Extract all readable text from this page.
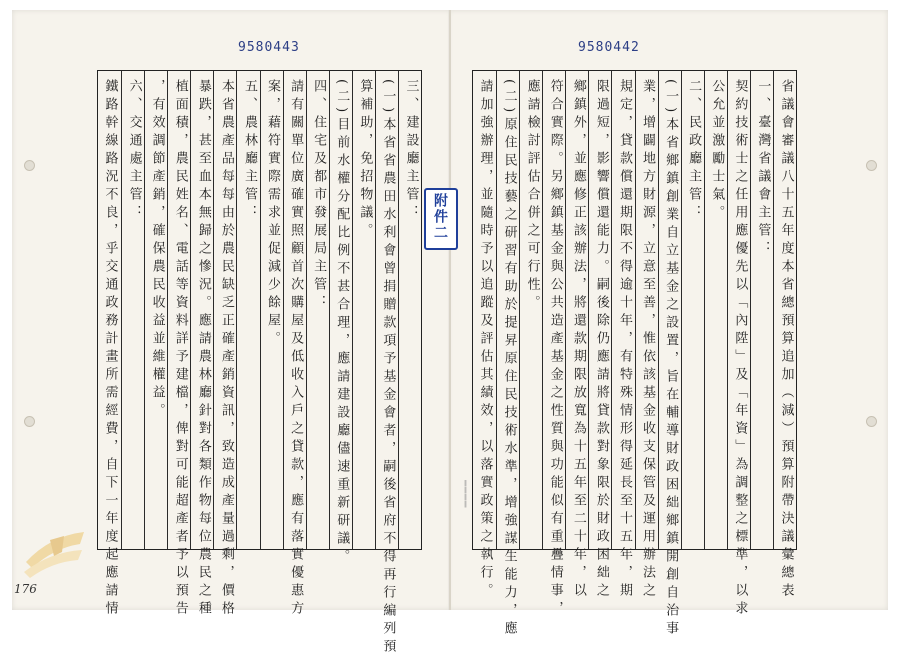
9580443	9580442
三、建設廳主管：
(一)本省省農田水利會曾捐贈款項予基金會者，嗣後省府不得再行編列預
算補助，免招物議。
(二)目前水權分配比例不甚合理，應請建設廳儘速重新研議。
四、住宅及都市發展局主管：
請有關單位廣確實照顧首次購屋及低收入戶之貸款，應有落實優惠方
案，藉符實際需求並促減少餘屋。
五、農林廳主管：
本省農產品每每由於農民缺乏正確產銷資訊，致造成產量過剩，價格
暴跌，甚至血本無歸之慘況。應請農林廳針對各類作物每位農民之種
植面積，農民姓名、電話等資料詳予建檔，俾對可能超產者予以預告
，有效調節產銷，確保農民收益並維權益。
六、交通處主管：
鐵路幹線路況不良，乎交通政務計畫所需經費，自下一年度起應請情	省議會審議八十五年度本省總預算追加（減）預算附帶決議彙總表
一、臺灣省議會主管：
契約技術士之任用應優先以「內陞」及「年資」為調整之標準，以求
公允並激勵士氣。
二、民政廳主管：
(一)本省鄉鎮創業自立基金之設置，旨在輔導財政困絀鄉鎮開創自治事
業，增闢地方財源，立意至善，惟依該基金收支保管及運用辦法之
規定，貸款償還期限不得逾十年，有特殊情形得延長至十五年，期
限過短，影響償還能力。嗣後除仍應請將貸款對象限於財政困絀之
鄉鎮外，並應修正該辦法，將還款期限放寬為十五年至二十年，以
符合實際。另鄉鎮基金與公共造產基金之性質與功能似有重疊情事，
應請檢討評估合併之可行性。
(二)原住民技藝之研習有助於提昇原住民技術水準，增強謀生能力，應
請加強辦理，並隨時予以追蹤及評估其績效，以落實政策之執行。
附件二
176
‖‖‖‖
